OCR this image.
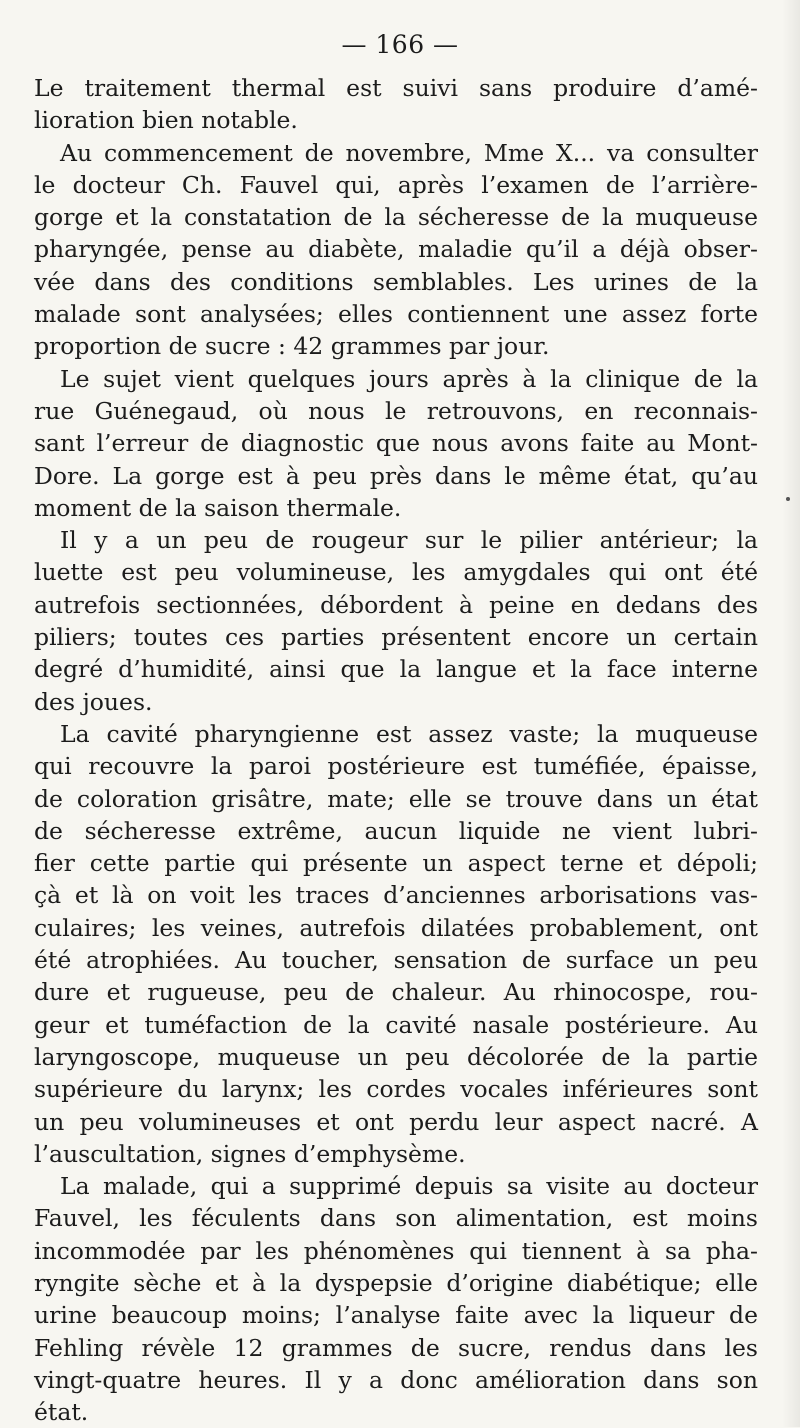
— 166 —
Le traitement thermal est suivi sans produire d’amé-
lioration bien notable.
Au commencement de novembre, Mme X... va consulter
le docteur Ch. Fauvel qui, après l’examen de l’arrière-
gorge et la constatation de la sécheresse de la muqueuse
pharyngée, pense au diabète, maladie qu’il a déjà obser-
vée dans des conditions semblables. Les urines de la
malade sont analysées; elles contiennent une assez forte
proportion de sucre : 42 grammes par jour.
Le sujet vient quelques jours après à la clinique de la
rue Guénegaud, où nous le retrouvons, en reconnais-
sant l’erreur de diagnostic que nous avons faite au Mont-
Dore. La gorge est à peu près dans le même état, qu’au
moment de la saison thermale.
Il y a un peu de rougeur sur le pilier antérieur; la
luette est peu volumineuse, les amygdales qui ont été
autrefois sectionnées, débordent à peine en dedans des
piliers; toutes ces parties présentent encore un certain
degré d’humidité, ainsi que la langue et la face interne
des joues.
La cavité pharyngienne est assez vaste; la muqueuse
qui recouvre la paroi postérieure est tuméfiée, épaisse,
de coloration grisâtre, mate; elle se trouve dans un état
de sécheresse extrême, aucun liquide ne vient lubri-
fier cette partie qui présente un aspect terne et dépoli;
çà et là on voit les traces d’anciennes arborisations vas-
culaires; les veines, autrefois dilatées probablement, ont
été atrophiées. Au toucher, sensation de surface un peu
dure et rugueuse, peu de chaleur. Au rhinocospe, rou-
geur et tuméfaction de la cavité nasale postérieure. Au
laryngoscope, muqueuse un peu décolorée de la partie
supérieure du larynx; les cordes vocales inférieures sont
un peu volumineuses et ont perdu leur aspect nacré. A
l’auscultation, signes d’emphysème.
La malade, qui a supprimé depuis sa visite au docteur
Fauvel, les féculents dans son alimentation, est moins
incommodée par les phénomènes qui tiennent à sa pha-
ryngite sèche et à la dyspepsie d’origine diabétique; elle
urine beaucoup moins; l’analyse faite avec la liqueur de
Fehling révèle 12 grammes de sucre, rendus dans les
vingt-quatre heures. Il y a donc amélioration dans son
état.
